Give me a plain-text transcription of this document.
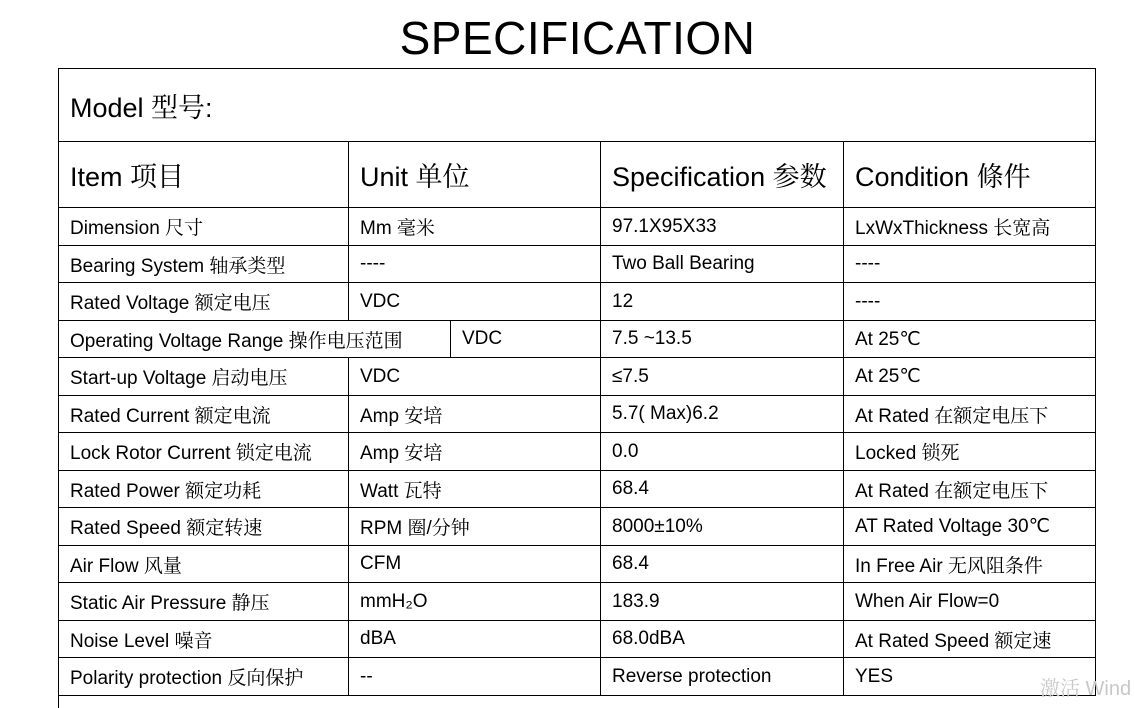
SPECIFICATION
Model 型号:
Item 项目	Unit 单位	Specification 参数	Condition 條件
Dimension 尺寸	Mm 毫米	97.1X95X33	LxWxThickness 长宽高
Bearing System 轴承类型	----	Two Ball Bearing	----
Rated Voltage 额定电压	VDC	12	----
Operating Voltage Range 操作电压范围	VDC	7.5 ~13.5	At 25℃
Start-up Voltage 启动电压	VDC	≤7.5	At 25℃
Rated Current 额定电流	Amp 安培	5.7( Max)6.2	At Rated 在额定电压下
Lock Rotor Current 锁定电流	Amp 安培	0.0	Locked 锁死
Rated Power 额定功耗	Watt 瓦特	68.4	At Rated 在额定电压下
Rated Speed 额定转速	RPM 圈/分钟	8000±10%	AT Rated Voltage 30℃
Air Flow 风量	CFM	68.4	In Free Air 无风阻条件
Static Air Pressure 静压	mmH₂O	183.9	When Air Flow=0
Noise Level 噪音	dBA	68.0dBA	At Rated Speed 额定速
Polarity protection 反向保护	--	Reverse protection	YES
激活 Wind
